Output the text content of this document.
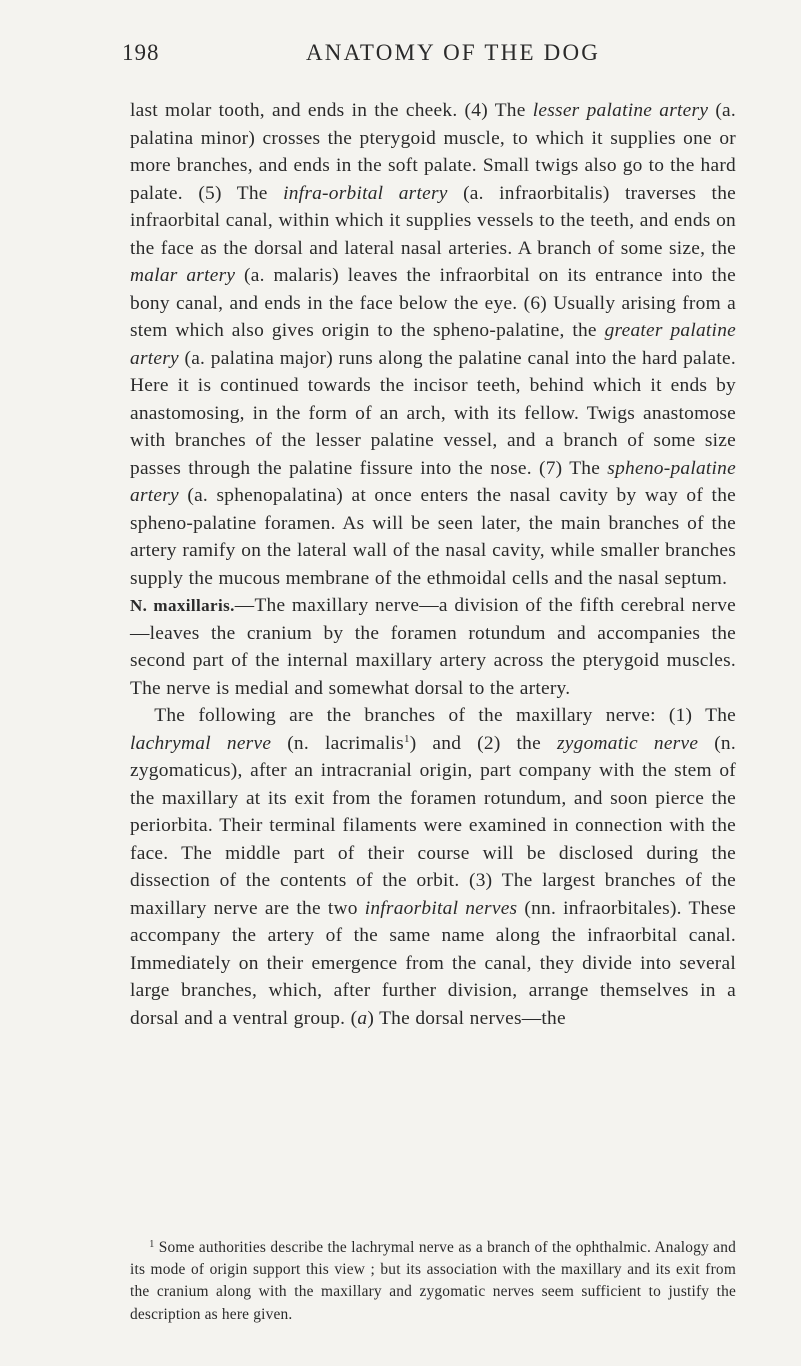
198	ANATOMY OF THE DOG

last molar tooth, and ends in the cheek. (4) The lesser palatine artery (a. palatina minor) crosses the pterygoid muscle, to which it supplies one or more branches, and ends in the soft palate. Small twigs also go to the hard palate. (5) The infra-orbital artery (a. infraorbitalis) traverses the infraorbital canal, within which it supplies vessels to the teeth, and ends on the face as the dorsal and lateral nasal arteries. A branch of some size, the malar artery (a. malaris) leaves the infraorbital on its entrance into the bony canal, and ends in the face below the eye. (6) Usually arising from a stem which also gives origin to the spheno-palatine, the greater palatine artery (a. palatina major) runs along the palatine canal into the hard palate. Here it is continued towards the incisor teeth, behind which it ends by anastomosing, in the form of an arch, with its fellow. Twigs anastomose with branches of the lesser palatine vessel, and a branch of some size passes through the palatine fissure into the nose. (7) The spheno-palatine artery (a. sphenopalatina) at once enters the nasal cavity by way of the spheno-palatine foramen. As will be seen later, the main branches of the artery ramify on the lateral wall of the nasal cavity, while smaller branches supply the mucous membrane of the ethmoidal cells and the nasal septum.

N. maxillaris.—The maxillary nerve—a division of the fifth cerebral nerve—leaves the cranium by the foramen rotundum and accompanies the second part of the internal maxillary artery across the pterygoid muscles. The nerve is medial and somewhat dorsal to the artery.

The following are the branches of the maxillary nerve: (1) The lachrymal nerve (n. lacrimalis$^1$) and (2) the zygomatic nerve (n. zygomaticus), after an intracranial origin, part company with the stem of the maxillary at its exit from the foramen rotundum, and soon pierce the periorbita. Their terminal filaments were examined in connection with the face. The middle part of their course will be disclosed during the dissection of the contents of the orbit. (3) The largest branches of the maxillary nerve are the two infraorbital nerves (nn. infraorbitales). These accompany the artery of the same name along the infraorbital canal. Immediately on their emergence from the canal, they divide into several large branches, which, after further division, arrange themselves in a dorsal and a ventral group. (a) The dorsal nerves—the

$^1$ Some authorities describe the lachrymal nerve as a branch of the ophthalmic. Analogy and its mode of origin support this view ; but its association with the maxillary and its exit from the cranium along with the maxillary and zygomatic nerves seem sufficient to justify the description as here given.
